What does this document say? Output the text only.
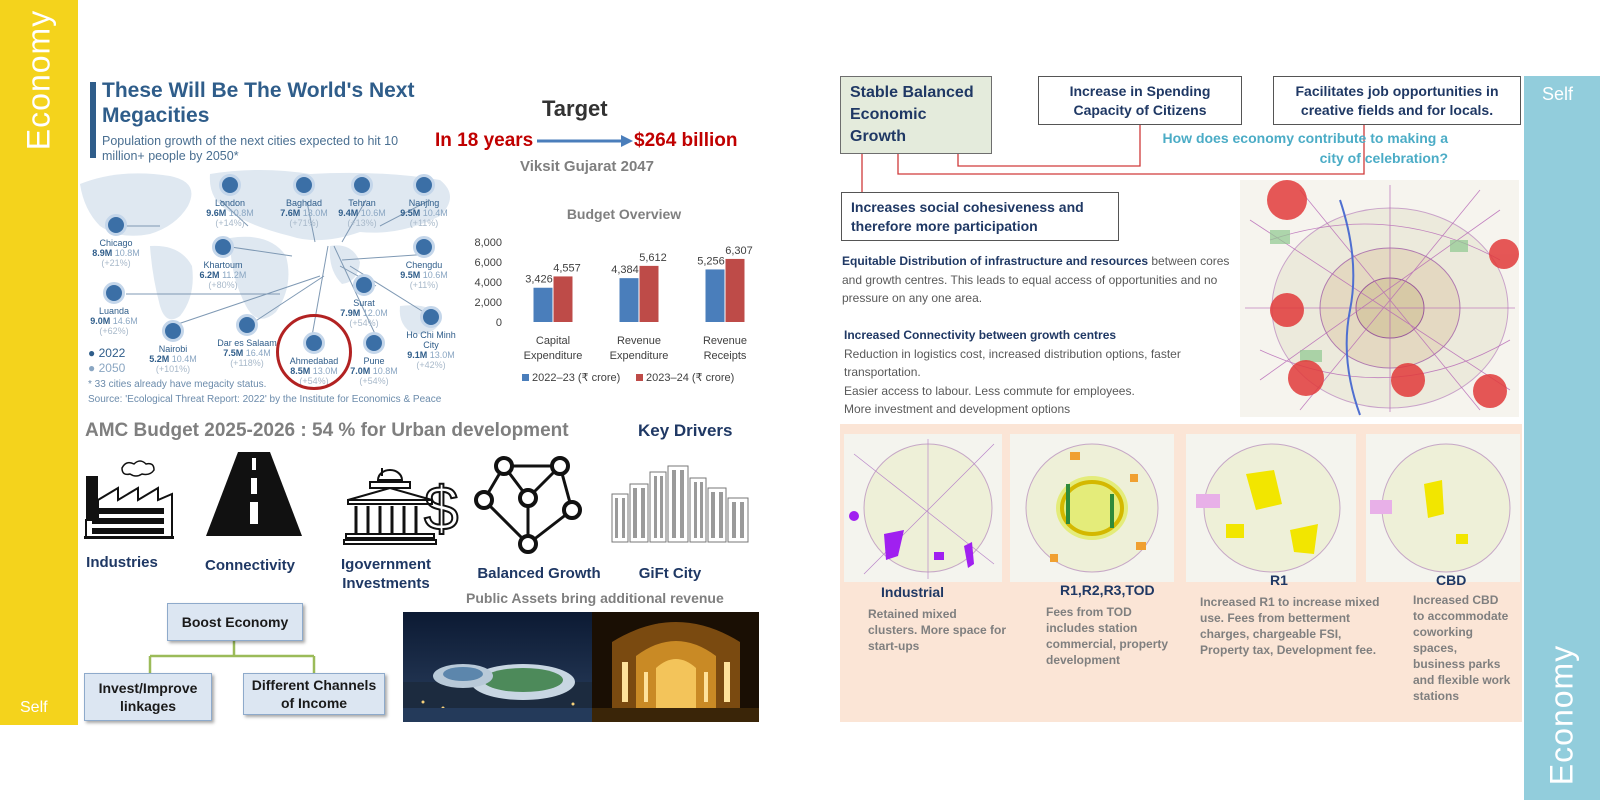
Economy
Self
Self
Economy
These Will Be The World's Next Megacities
Population growth of the next cities expected to hit 10 million+ people by 2050*
London
9.6M 10.8M
(+14%)
Baghdad
7.6M 13.0M
(+71%)
Tehran
9.4M 10.6M
(+13%)
Nanjing
9.5M 10.4M
(+11%)
Chicago
8.9M 10.8M
(+21%)	Khartoum
6.2M 11.2M
(+80%)
Chengdu
9.5M 10.6M
(+11%)
Luanda
9.0M 14.6M
(+62%)
Surat
7.9M 12.0M
(+54%)
Nairobi
5.2M 10.4M
(+101%)
Dar es Salaam
7.5M 16.4M
(+118%)	Ahmedabad
8.5M 13.0M
(+54%)
Pune
7.0M 10.8M
(+54%)
Ho Chi Minh City
9.1M 13.0M
(+42%)
● 2022
● 2050
* 33 cities already have megacity status.
Source: 'Ecological Threat Report: 2022' by the Institute for Economics & Peace
Target
In 18 years	$264 billion
Viksit Gujarat 2047
Budget Overview
0
2,000
4,000
6,000
8,000
3,426
4,557	4,384
5,612	5,256
6,307
Capital
Expenditure
Revenue
Expenditure
Revenue
Receipts
2022–23 (₹ crore) 2023–24 (₹ crore)
AMC Budget 2025-2026 : 54 % for Urban development	Key Drivers
$
Industries	Connectivity	Igovernment
Investments
Balanced Growth	GiFt City
Boost Economy
Invest/Improve linkages
Different Channels of Income
Public Assets bring additional revenue
Stable Balanced Economic Growth
Increase in Spending Capacity of Citizens
Facilitates job opportunities in creative fields and for locals.
How does economy contribute to making a city of celebration?
Increases social cohesiveness and therefore more participation
Equitable Distribution of infrastructure and resources between cores and growth centres. This leads to equal access of opportunities and no pressure on any one area.
Increased Connectivity between growth centres
Reduction in logistics cost, increased distribution options, faster transportation.
Easier access to labour. Less commute for employees.
More investment and development options
Industrial
Retained mixed clusters. More space for start-ups
R1,R2,R3,TOD
Fees from TOD includes station commercial, property development
R1
Increased R1 to increase mixed use. Fees from betterment charges, chargeable FSI, Property tax, Development fee.
CBD
Increased CBD to accommodate coworking spaces, business parks and flexible work stations
